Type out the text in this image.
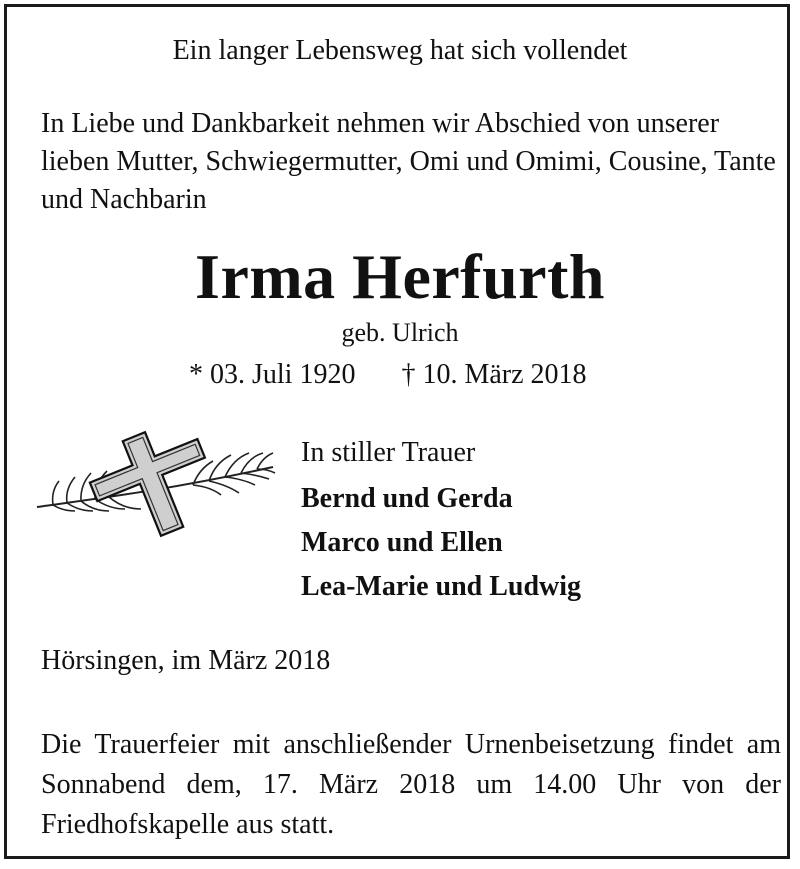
Ein langer Lebensweg hat sich vollendet
In Liebe und Dankbarkeit nehmen wir Abschied von unserer lieben Mutter, Schwiegermutter, Omi und Omimi, Cousine, Tante und Nachbarin
Irma Herfurth
geb. Ulrich
* 03. Juli 1920 † 10. März 2018
In stiller Trauer
Bernd und Gerda
Marco und Ellen
Lea-Marie und Ludwig
Hörsingen, im März 2018
Die Trauerfeier mit anschließender Urnenbeisetzung findet am Sonnabend dem, 17. März 2018 um 14.00 Uhr von der Friedhofskapelle aus statt.
